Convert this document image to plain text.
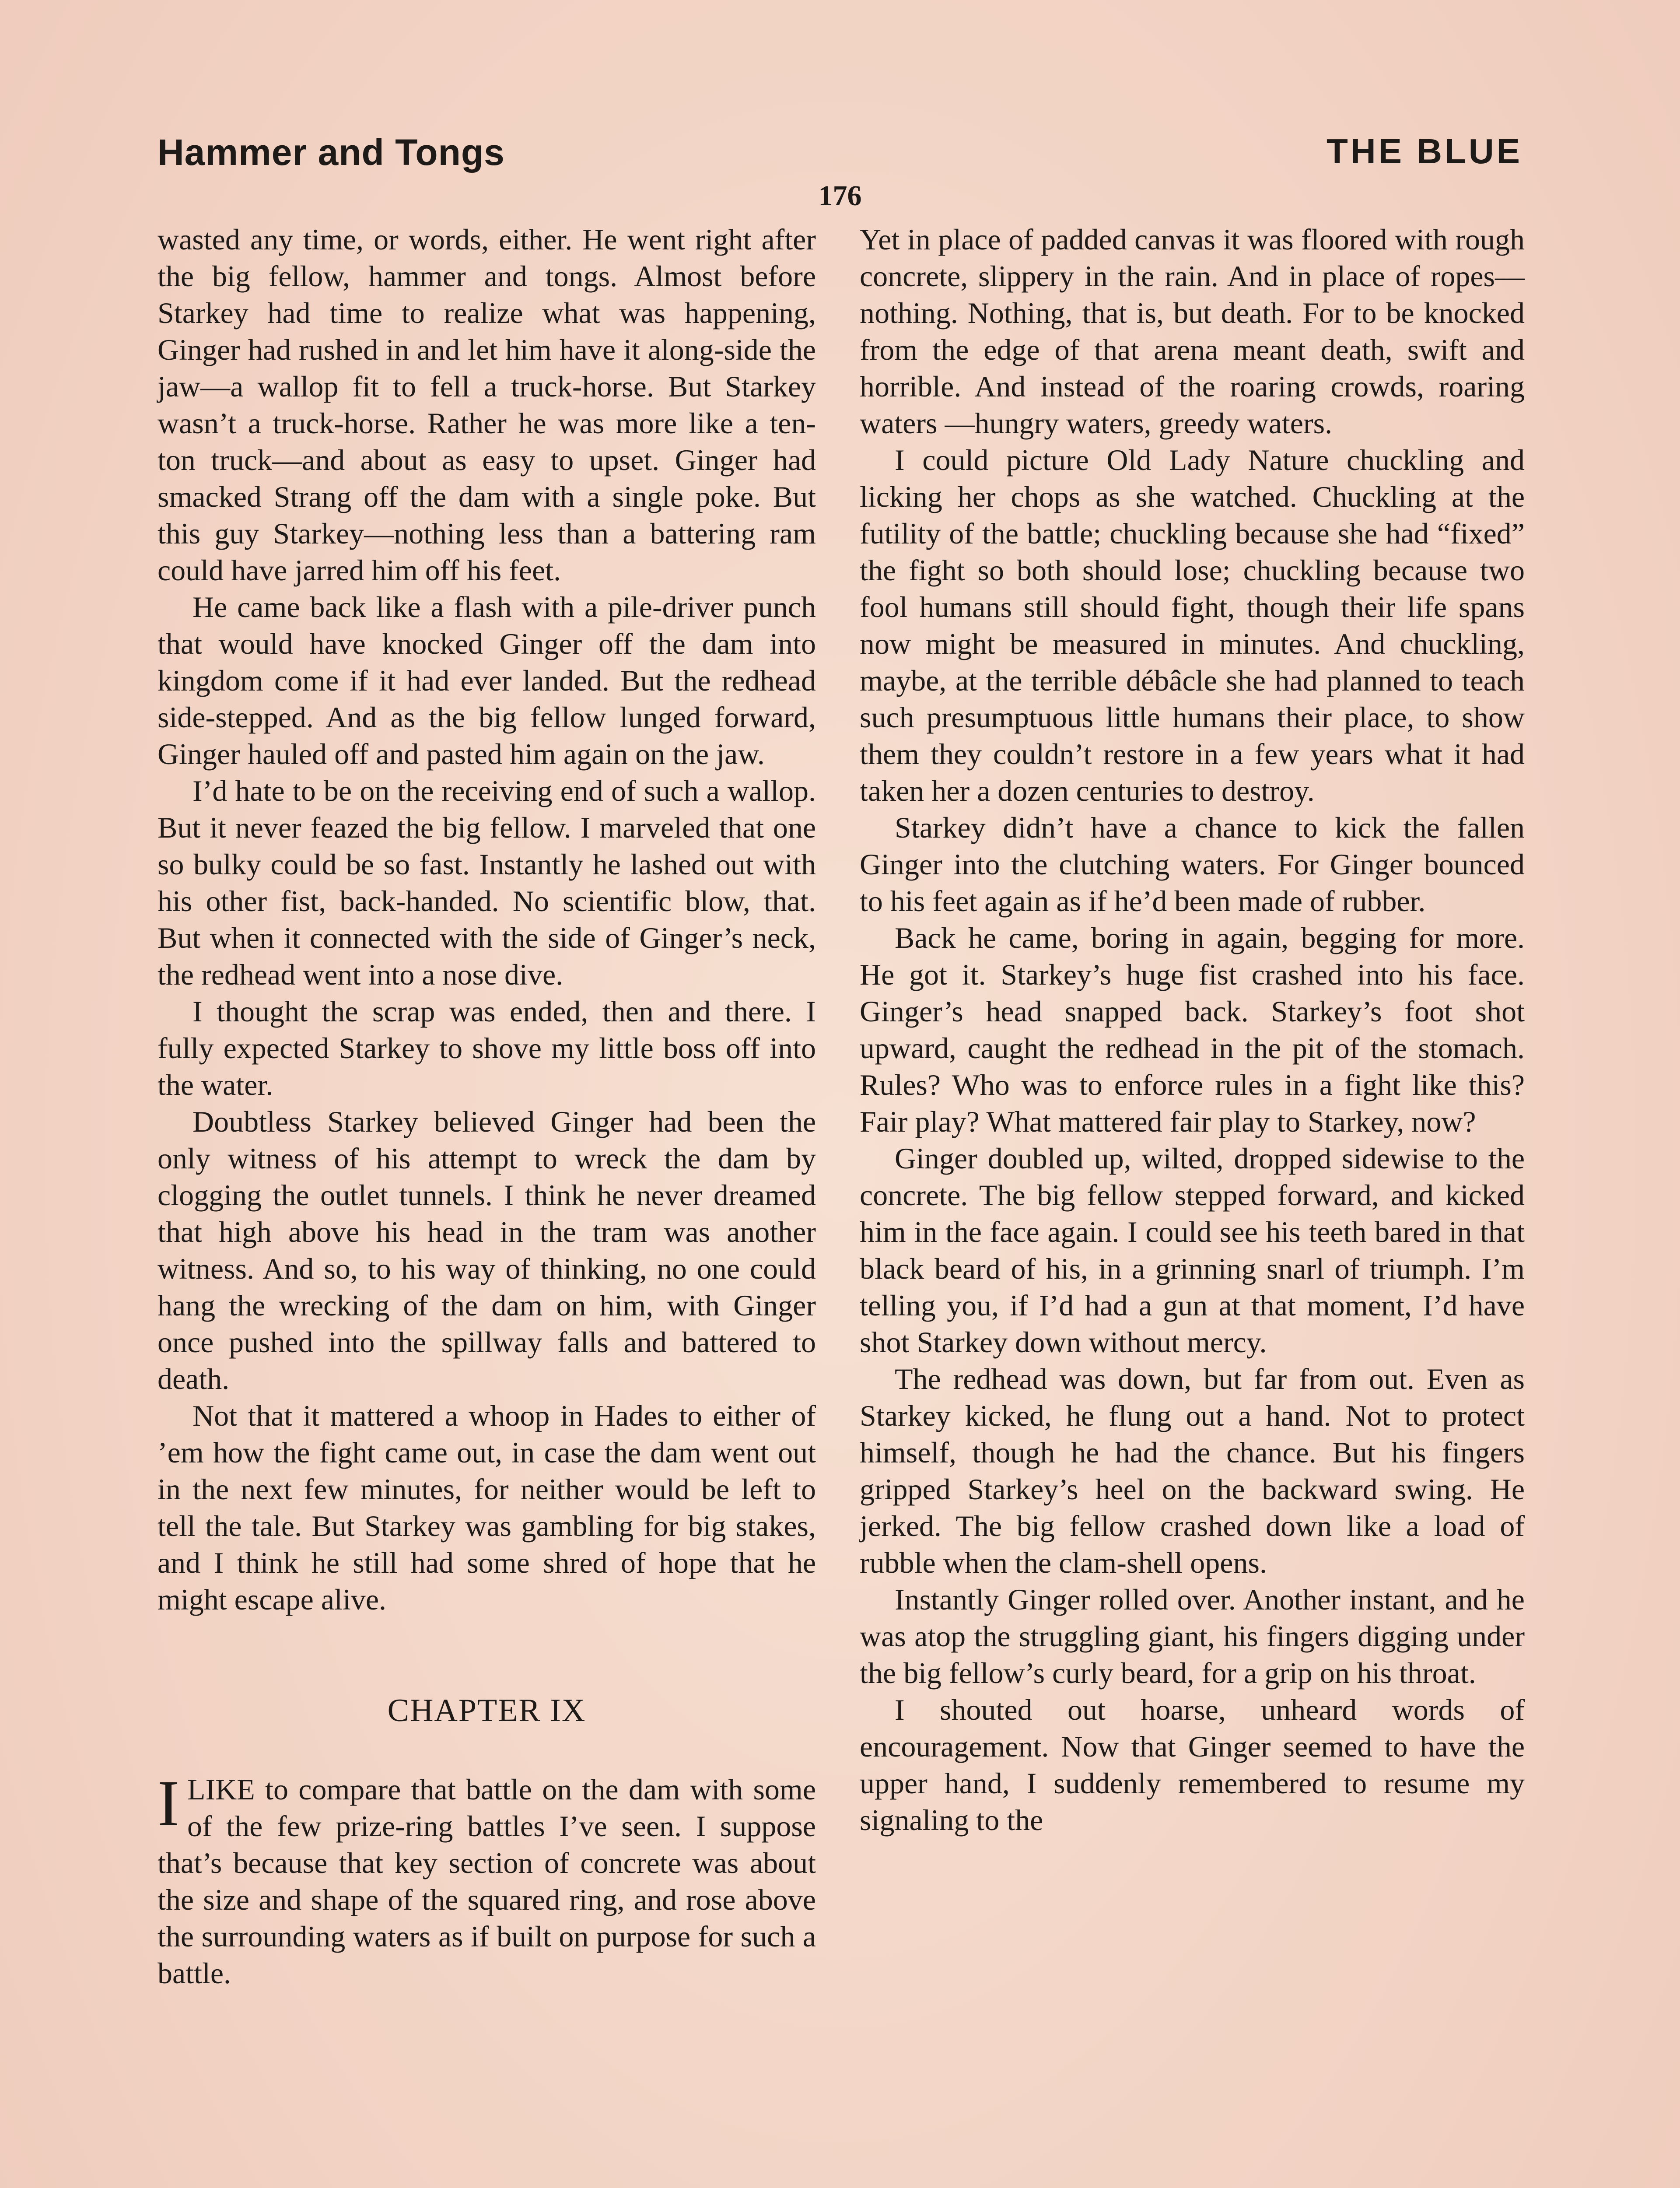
Hammer and Tongs	THE BLUE
176

wasted any time, or words, either. He went right after the big fellow, hammer and tongs. Almost before Starkey had time to realize what was happening, Ginger had rushed in and let him have it along-side the jaw—a wallop fit to fell a truck-horse. But Starkey wasn’t a truck-horse. Rather he was more like a ten-ton truck—and about as easy to upset. Ginger had smacked Strang off the dam with a single poke. But this guy Starkey—nothing less than a battering ram could have jarred him off his feet.

He came back like a flash with a pile-driver punch that would have knocked Ginger off the dam into kingdom come if it had ever landed. But the redhead side-stepped. And as the big fellow lunged forward, Ginger hauled off and pasted him again on the jaw.

I’d hate to be on the receiving end of such a wallop. But it never feazed the big fellow. I marveled that one so bulky could be so fast. Instantly he lashed out with his other fist, back-handed. No scientific blow, that. But when it connected with the side of Ginger’s neck, the redhead went into a nose dive.

I thought the scrap was ended, then and there. I fully expected Starkey to shove my little boss off into the water.

Doubtless Starkey believed Ginger had been the only witness of his attempt to wreck the dam by clogging the outlet tunnels. I think he never dreamed that high above his head in the tram was another witness. And so, to his way of thinking, no one could hang the wrecking of the dam on him, with Ginger once pushed into the spillway falls and battered to death.

Not that it mattered a whoop in Hades to either of ’em how the fight came out, in case the dam went out in the next few minutes, for neither would be left to tell the tale. But Starkey was gambling for big stakes, and I think he still had some shred of hope that he might escape alive.

CHAPTER IX

ILIKE to compare that battle on the dam with some of the few prize-ring battles I’ve seen. I suppose that’s because that key section of concrete was about the size and shape of the squared ring, and rose above the surrounding waters as if built on purpose for such a battle.

Yet in place of padded canvas it was floored with rough concrete, slippery in the rain. And in place of ropes—nothing. Nothing, that is, but death. For to be knocked from the edge of that arena meant death, swift and horrible. And instead of the roaring crowds, roaring waters —hungry waters, greedy waters.

I could picture Old Lady Nature chuckling and licking her chops as she watched. Chuckling at the futility of the battle; chuckling because she had “fixed” the fight so both should lose; chuckling because two fool humans still should fight, though their life spans now might be measured in minutes. And chuckling, maybe, at the terrible débâcle she had planned to teach such presumptuous little humans their place, to show them they couldn’t restore in a few years what it had taken her a dozen centuries to destroy.

Starkey didn’t have a chance to kick the fallen Ginger into the clutching waters. For Ginger bounced to his feet again as if he’d been made of rubber.

Back he came, boring in again, begging for more. He got it. Starkey’s huge fist crashed into his face. Ginger’s head snapped back. Starkey’s foot shot upward, caught the redhead in the pit of the stomach. Rules? Who was to enforce rules in a fight like this? Fair play? What mattered fair play to Starkey, now?

Ginger doubled up, wilted, dropped sidewise to the concrete. The big fellow stepped forward, and kicked him in the face again. I could see his teeth bared in that black beard of his, in a grinning snarl of triumph. I’m telling you, if I’d had a gun at that moment, I’d have shot Starkey down without mercy.

The redhead was down, but far from out. Even as Starkey kicked, he flung out a hand. Not to protect himself, though he had the chance. But his fingers gripped Starkey’s heel on the backward swing. He jerked. The big fellow crashed down like a load of rubble when the clam-shell opens.

Instantly Ginger rolled over. Another instant, and he was atop the struggling giant, his fingers digging under the big fellow’s curly beard, for a grip on his throat.

I shouted out hoarse, unheard words of encouragement. Now that Ginger seemed to have the upper hand, I suddenly remembered to resume my signaling to the
